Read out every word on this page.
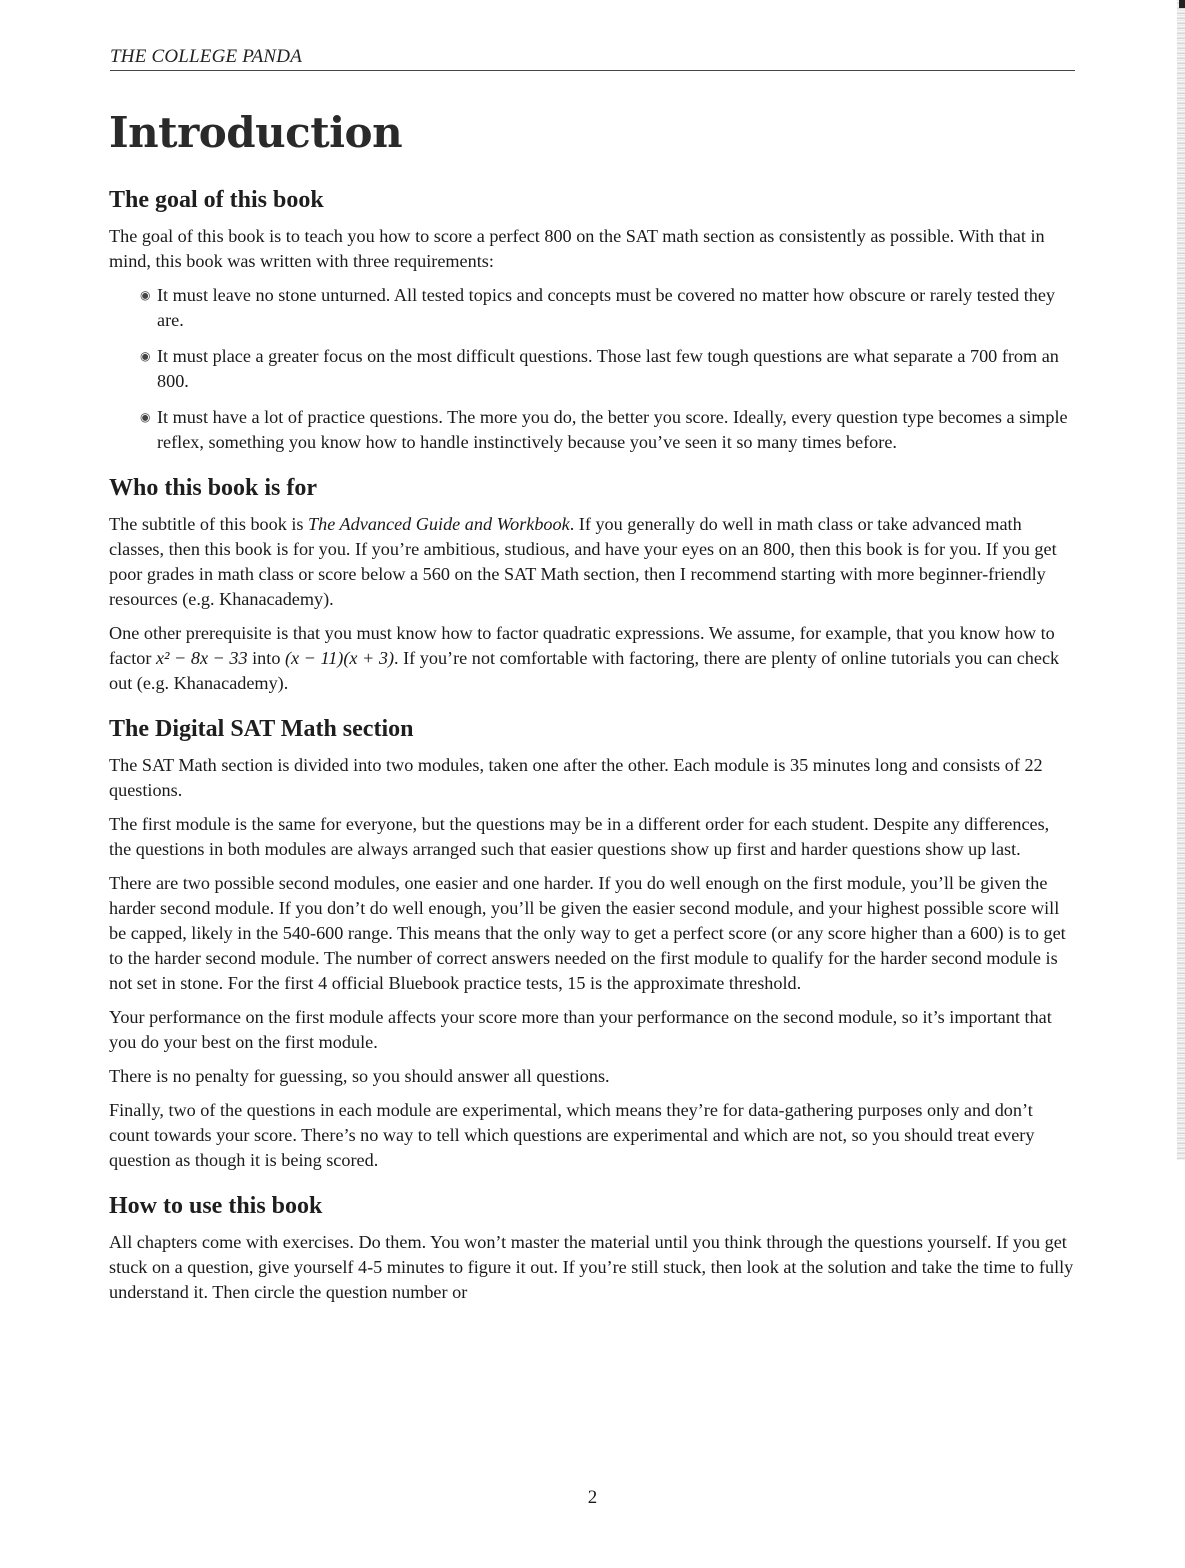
THE COLLEGE PANDA
Introduction
The goal of this book

The goal of this book is to teach you how to score a perfect 800 on the SAT math section as consistently as possible. With that in mind, this book was written with three requirements:

◉ It must leave no stone unturned. All tested topics and concepts must be covered no matter how obscure or rarely tested they are.
◉ It must place a greater focus on the most difficult questions. Those last few tough questions are what separate a 700 from an 800.
◉ It must have a lot of practice questions. The more you do, the better you score. Ideally, every question type becomes a simple reflex, something you know how to handle instinctively because you’ve seen it so many times before.
Who this book is for

The subtitle of this book is The Advanced Guide and Workbook. If you generally do well in math class or take advanced math classes, then this book is for you. If you’re ambitious, studious, and have your eyes on an 800, then this book is for you. If you get poor grades in math class or score below a 560 on the SAT Math section, then I recommend starting with more beginner-friendly resources (e.g. Khanacademy).

One other prerequisite is that you must know how to factor quadratic expressions. We assume, for example, that you know how to factor x² − 8x − 33 into (x − 11)(x + 3). If you’re not comfortable with factoring, there are plenty of online tutorials you can check out (e.g. Khanacademy).

The Digital SAT Math section

The SAT Math section is divided into two modules, taken one after the other. Each module is 35 minutes long and consists of 22 questions.

The first module is the same for everyone, but the questions may be in a different order for each student. Despite any differences, the questions in both modules are always arranged such that easier questions show up first and harder questions show up last.

There are two possible second modules, one easier and one harder. If you do well enough on the first module, you’ll be given the harder second module. If you don’t do well enough, you’ll be given the easier second module, and your highest possible score will be capped, likely in the 540-600 range. This means that the only way to get a perfect score (or any score higher than a 600) is to get to the harder second module. The number of correct answers needed on the first module to qualify for the harder second module is not set in stone. For the first 4 official Bluebook practice tests, 15 is the approximate threshold.

Your performance on the first module affects your score more than your performance on the second module, so it’s important that you do your best on the first module.

There is no penalty for guessing, so you should answer all questions.

Finally, two of the questions in each module are experimental, which means they’re for data-gathering purposes only and don’t count towards your score. There’s no way to tell which questions are experimental and which are not, so you should treat every question as though it is being scored.

How to use this book

All chapters come with exercises. Do them. You won’t master the material until you think through the questions yourself. If you get stuck on a question, give yourself 4-5 minutes to figure it out. If you’re still stuck, then look at the solution and take the time to fully understand it. Then circle the question number or

2
